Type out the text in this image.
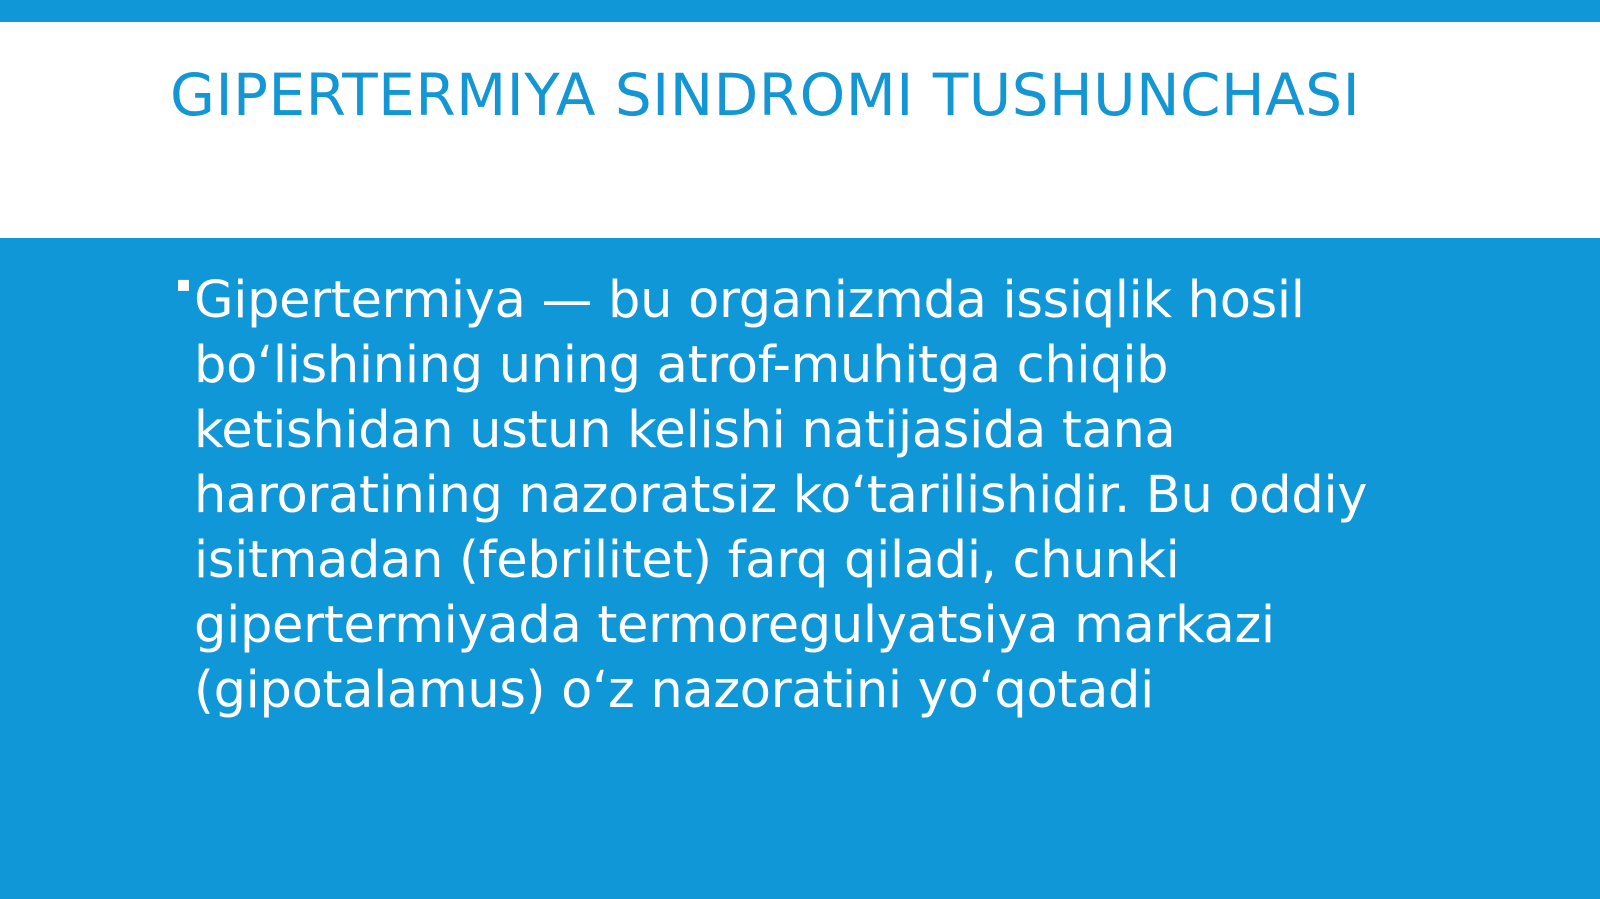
GIPERTERMIYA SINDROMI TUSHUNCHASI
▪ Gipertermiya — bu organizmda issiqlik hosil boʻlishining uning atrof-muhitga chiqib ketishidan ustun kelishi natijasida tana haroratining nazoratsiz koʻtarilishidir. Bu oddiy isitmadan (febrilitet) farq qiladi, chunki gipertermiyada termoregulyatsiya markazi (gipotalamus) oʻz nazoratini yoʻqotadi
